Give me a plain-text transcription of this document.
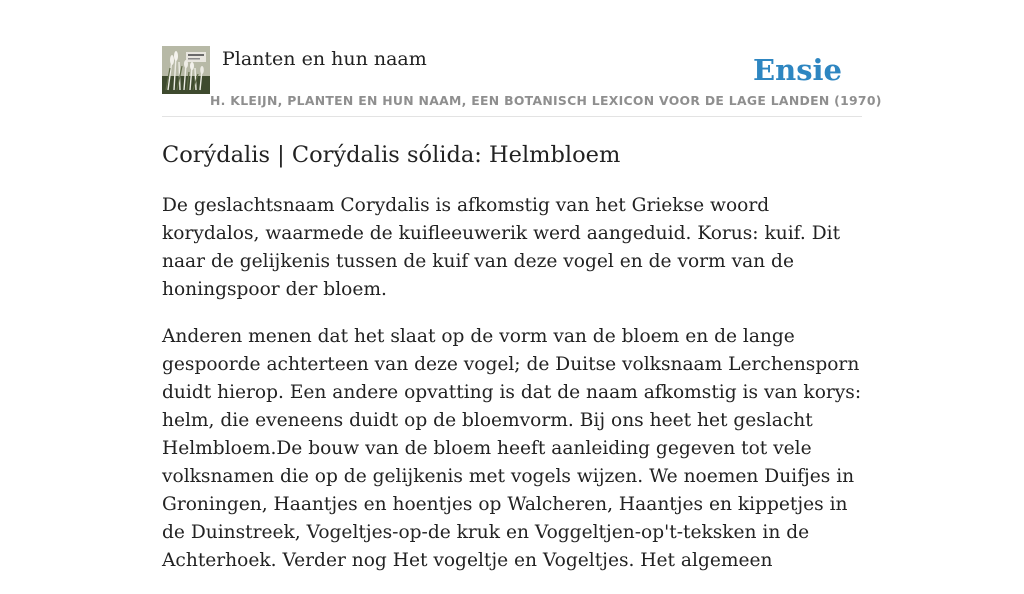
Planten en hun naam	Ensie
H. KLEIJN, PLANTEN EN HUN NAAM, EEN BOTANISCH LEXICON VOOR DE LAGE LANDEN (1970)
Corýdalis | Corýdalis sólida: Helmbloem

De geslachtsnaam Corydalis is afkomstig van het Griekse woord korydalos, waarmede de kuifleeuwerik werd aangeduid. Korus: kuif. Dit naar de gelijkenis tussen de kuif van deze vogel en de vorm van de honingspoor der bloem.

Anderen menen dat het slaat op de vorm van de bloem en de lange gespoorde achterteen van deze vogel; de Duitse volksnaam Lerchensporn duidt hierop. Een andere opvatting is dat de naam afkomstig is van korys: helm, die eveneens duidt op de bloemvorm. Bij ons heet het geslacht Helmbloem.De bouw van de bloem heeft aanleiding gegeven tot vele volksnamen die op de gelijkenis met vogels wijzen. We noemen Duifjes in Groningen, Haantjes en hoentjes op Walcheren, Haantjes en kippetjes in de Duinstreek, Vogeltjes-op-de kruk en Voggeltjen-op't-teksken in de Achterhoek. Verder nog Het vogeltje en Vogeltjes. Het algemeen
